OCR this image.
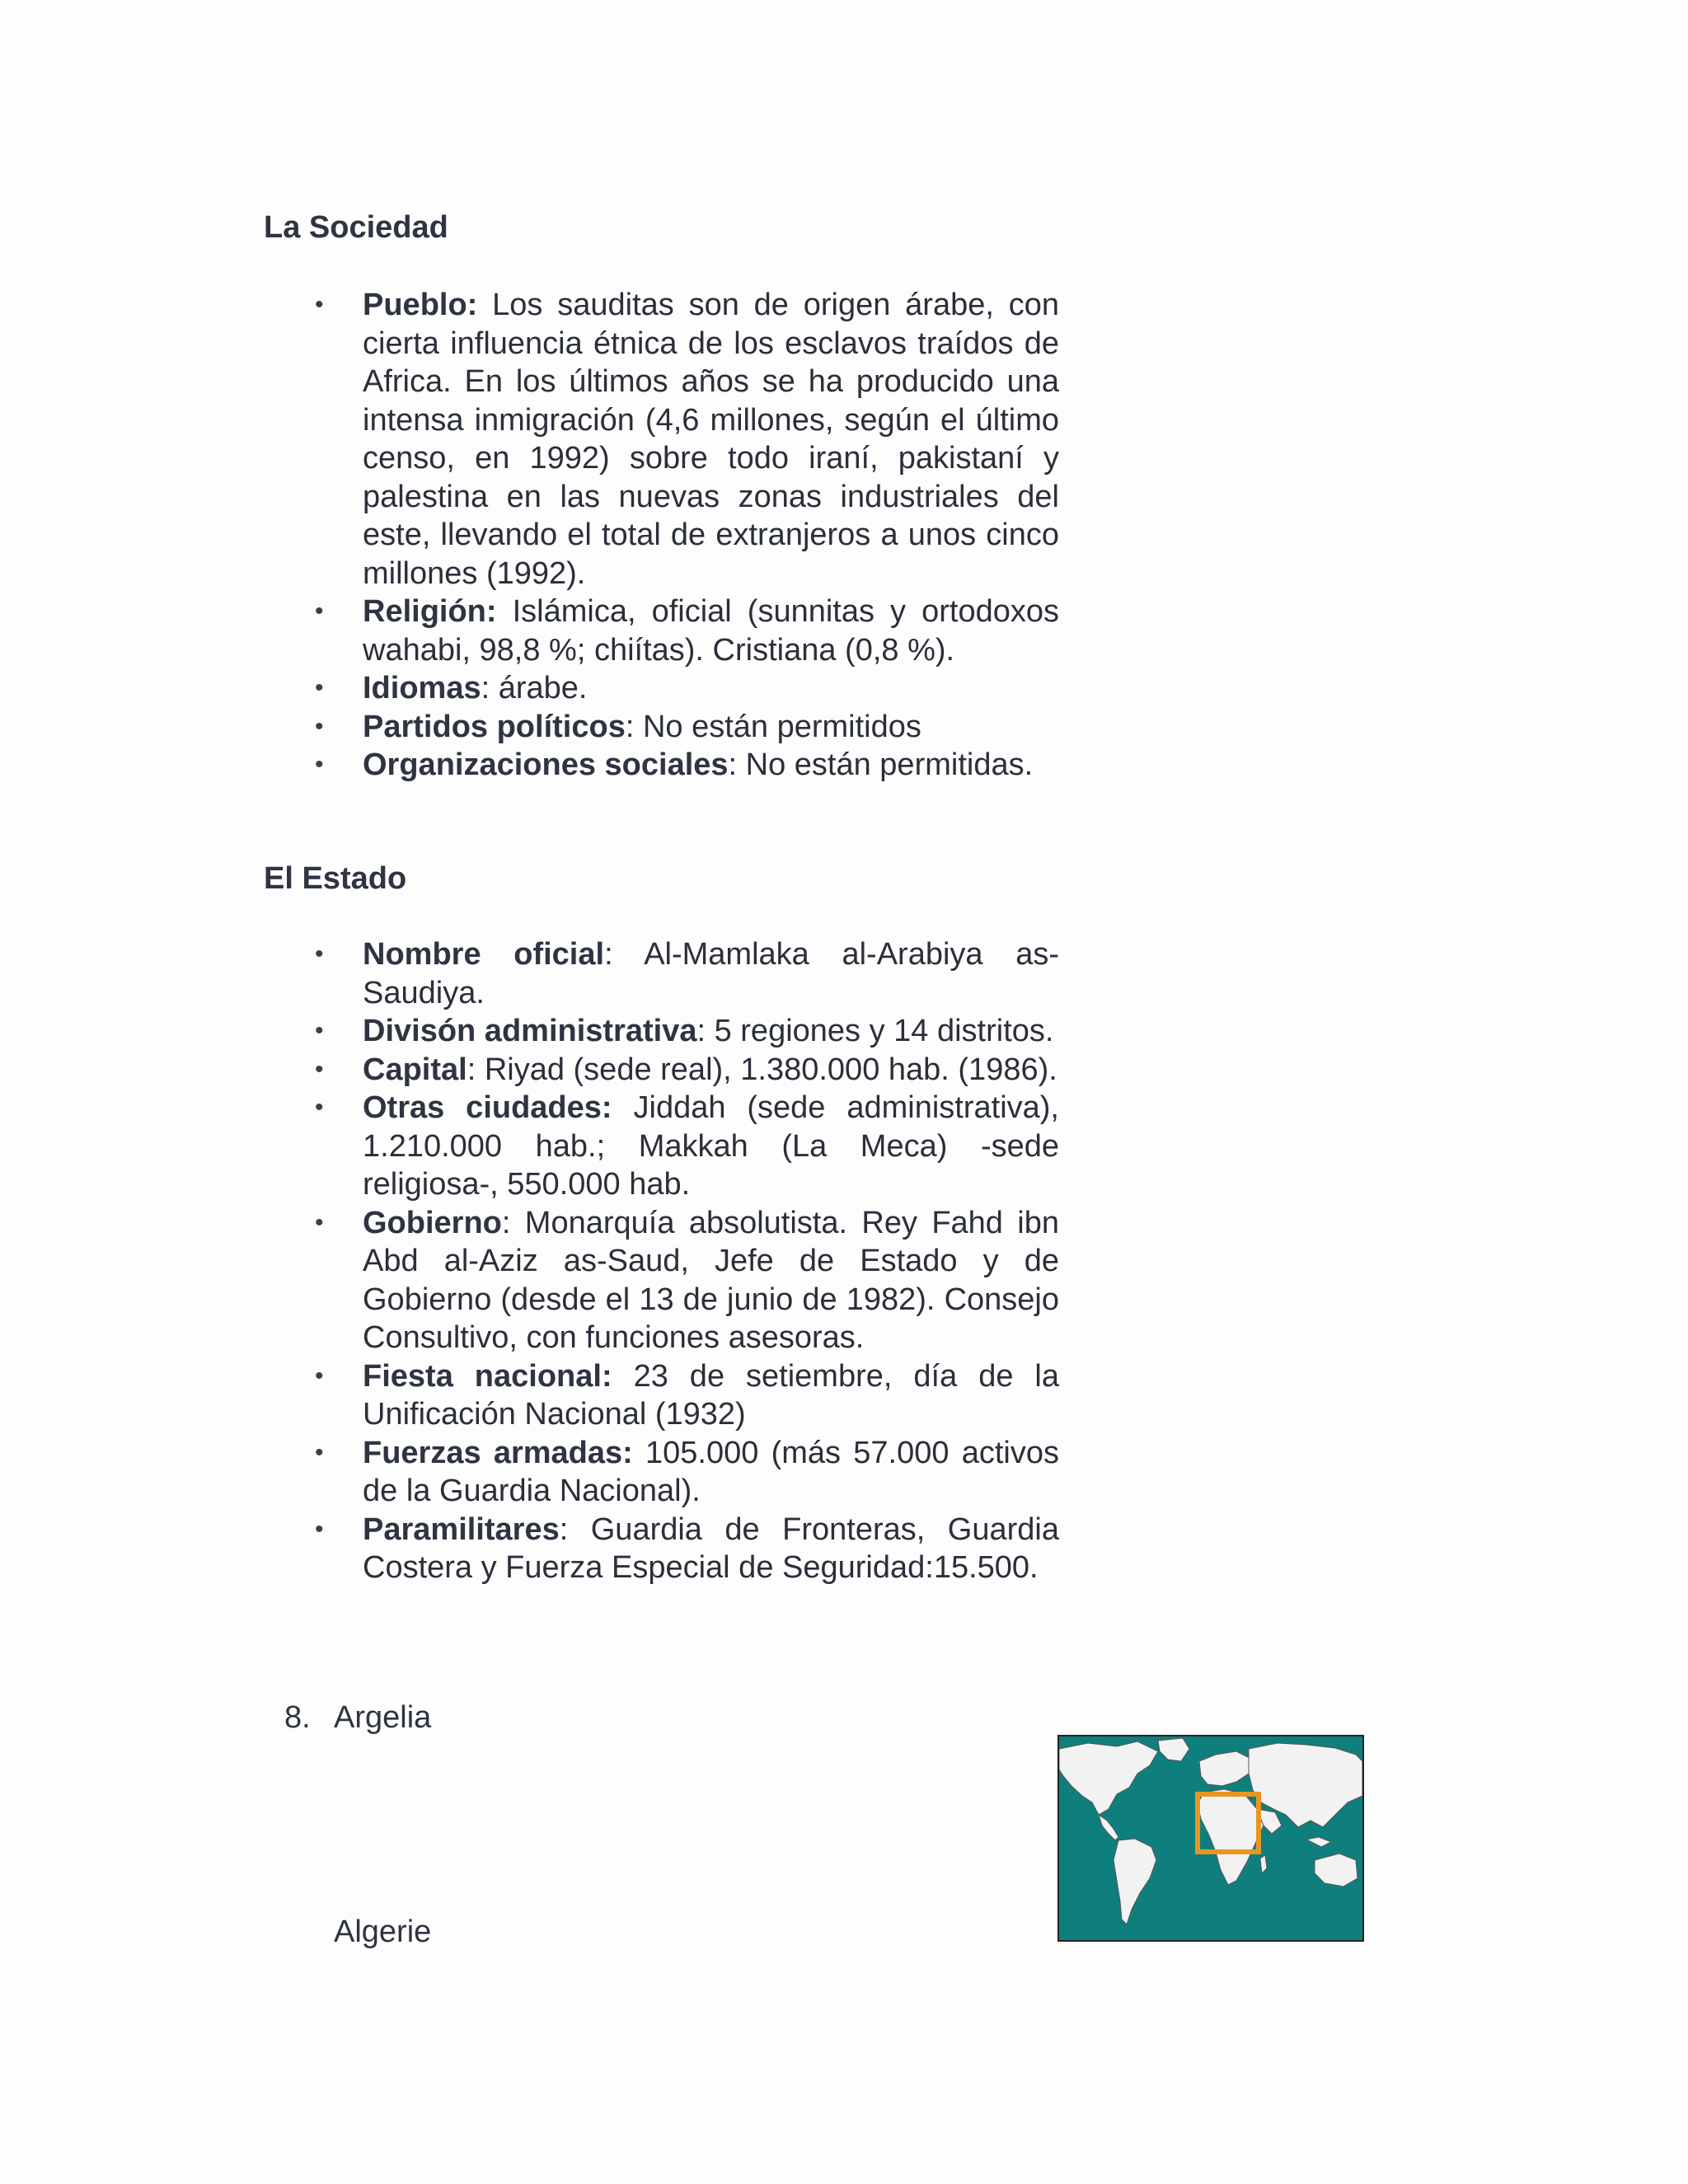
La Sociedad
• Pueblo: Los sauditas son de origen árabe, con cierta influencia étnica de los esclavos traídos de Africa. En los últimos años se ha producido una intensa inmigración (4,6 millones, según el último censo, en 1992) sobre todo iraní, pakistaní y palestina en las nuevas zonas industriales del este, llevando el total de extranjeros a unos cinco millones (1992).
• Religión: Islámica, oficial (sunnitas y ortodoxos wahabi, 98,8 %; chiítas). Cristiana (0,8 %).
• Idiomas: árabe.
• Partidos políticos: No están permitidos
• Organizaciones sociales: No están permitidas.
El Estado
• Nombre oficial: Al-Mamlaka al-Arabiya as-Saudiya.
• Divisón administrativa: 5 regiones y 14 distritos.
• Capital: Riyad (sede real), 1.380.000 hab. (1986).
• Otras ciudades: Jiddah (sede administrativa), 1.210.000 hab.; Makkah (La Meca) -sede religiosa-, 550.000 hab.
• Gobierno: Monarquía absolutista. Rey Fahd ibn Abd al-Aziz as-Saud, Jefe de Estado y de Gobierno (desde el 13 de junio de 1982). Consejo Consultivo, con funciones asesoras.
• Fiesta nacional: 23 de setiembre, día de la Unificación Nacional (1932)
• Fuerzas armadas: 105.000 (más 57.000 activos de la Guardia Nacional).
• Paramilitares: Guardia de Fronteras, Guardia Costera y Fuerza Especial de Seguridad:15.500.
8. Argelia
Algerie
